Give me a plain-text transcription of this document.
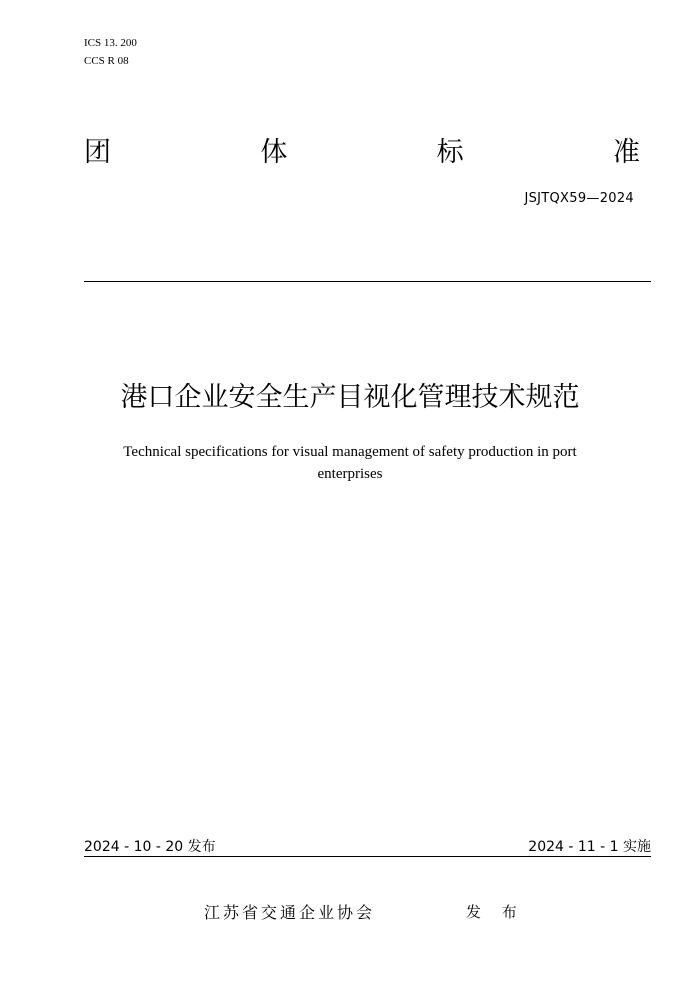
ICS 13. 200
CCS R 08
团	体	标	准
JSJTQX59—2024
港口企业安全生产目视化管理技术规范
Technical specifications for visual management of safety production in port enterprises
2024 - 10 - 20 发布	2024 - 11 - 1 实施
江苏省交通企业协会	发 布
